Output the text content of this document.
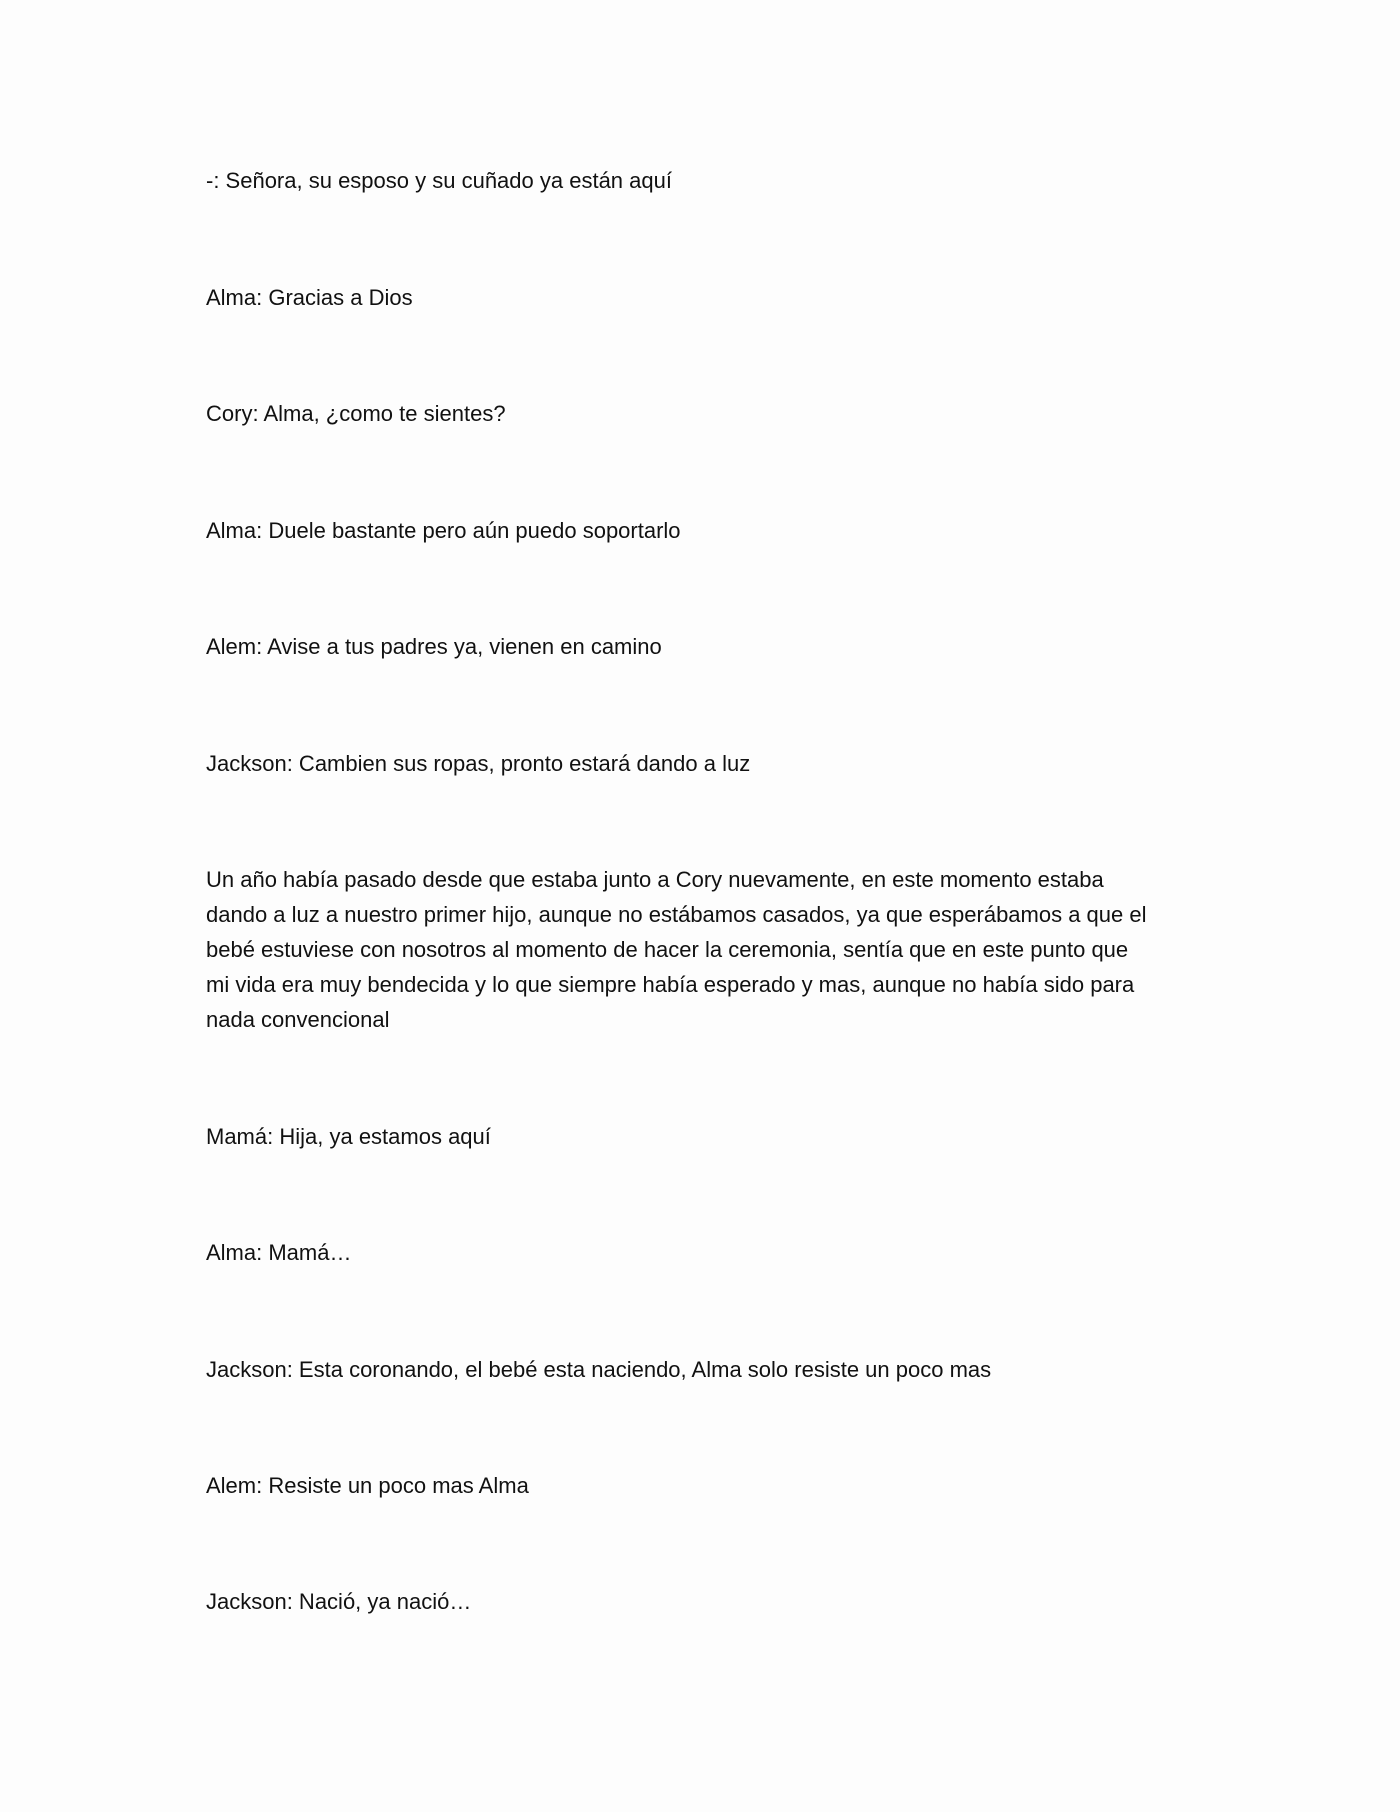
-: Señora, su esposo y su cuñado ya están aquí

Alma: Gracias a Dios

Cory: Alma, ¿como te sientes?

Alma: Duele bastante pero aún puedo soportarlo

Alem: Avise a tus padres ya, vienen en camino

Jackson: Cambien sus ropas, pronto estará dando a luz

Un año había pasado desde que estaba junto a Cory nuevamente, en este momento estaba
dando a luz a nuestro primer hijo, aunque no estábamos casados, ya que esperábamos a que el
bebé estuviese con nosotros al momento de hacer la ceremonia, sentía que en este punto que
mi vida era muy bendecida y lo que siempre había esperado y mas, aunque no había sido para
nada convencional

Mamá: Hija, ya estamos aquí

Alma: Mamá…

Jackson: Esta coronando, el bebé esta naciendo, Alma solo resiste un poco mas

Alem: Resiste un poco mas Alma

Jackson: Nació, ya nació…
